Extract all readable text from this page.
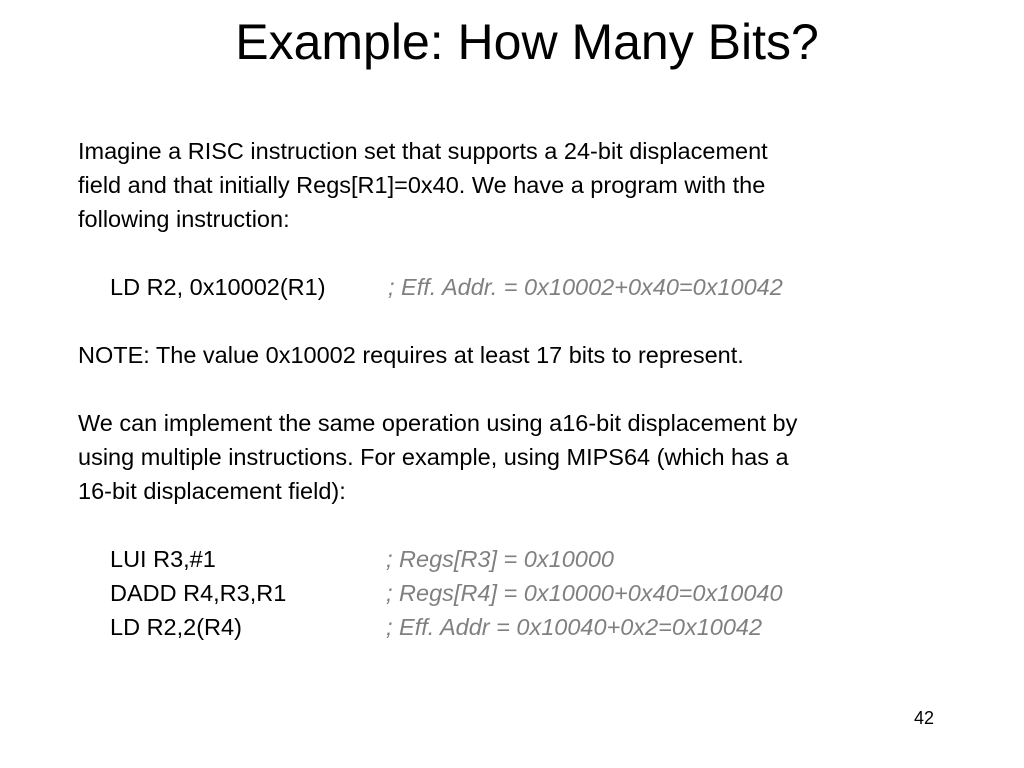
Example: How Many Bits?

Imagine a RISC instruction set that supports a 24-bit displacement

field and that initially Regs[R1]=0x40. We have a program with the

following instruction:

LD R2, 0x10002(R1)	; Eff. Addr. = 0x10002+0x40=0x10042

NOTE: The value 0x10002 requires at least 17 bits to represent.

We can implement the same operation using a16-bit displacement by

using multiple instructions. For example, using MIPS64 (which has a

16-bit displacement field):

LUI R3,#1	; Regs[R3] = 0x10000
DADD R4,R3,R1	; Regs[R4] = 0x10000+0x40=0x10040
LD R2,2(R4)	; Eff. Addr = 0x10040+0x2=0x10042
42
